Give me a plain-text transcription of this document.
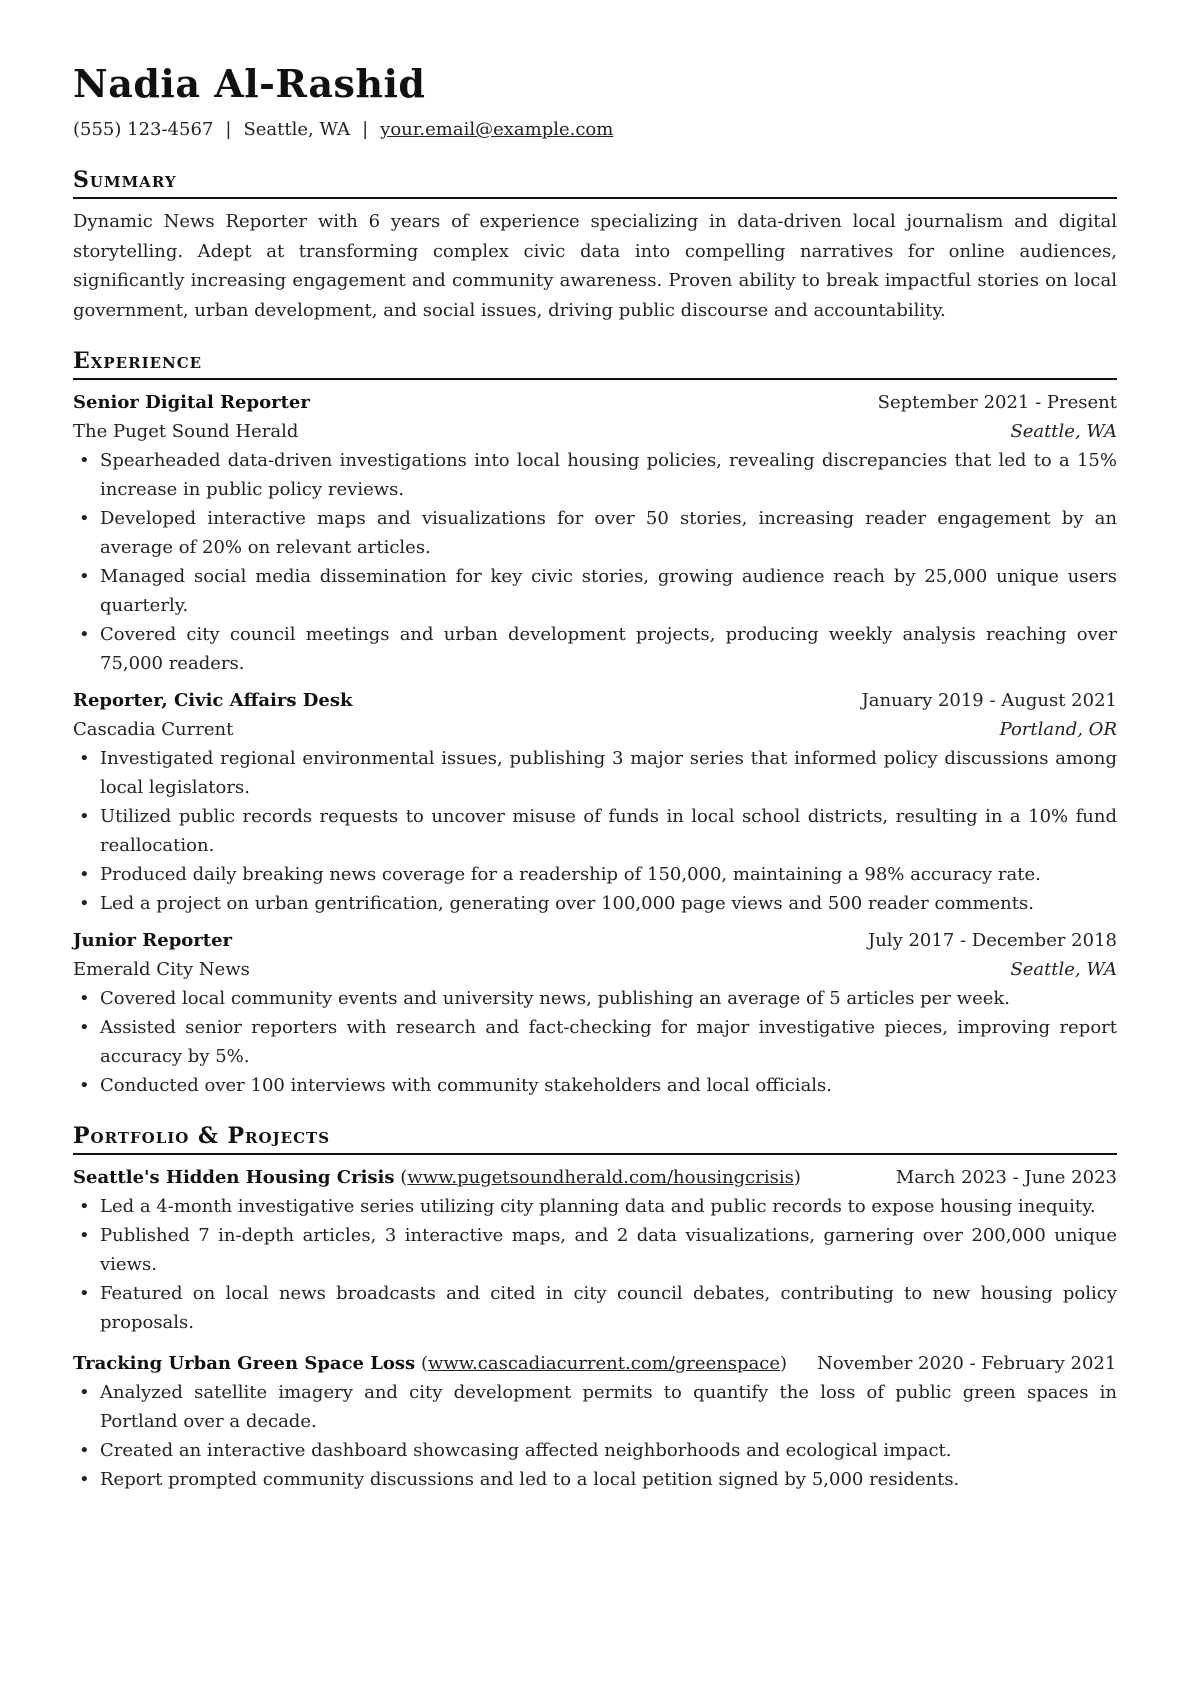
Nadia Al-Rashid
(555) 123-4567 | Seattle, WA | your.email@example.com
Summary

Dynamic News Reporter with 6 years of experience specializing in data-driven local journalism and digital storytelling. Adept at transforming complex civic data into compelling narratives for online audiences, significantly increasing engagement and community awareness. Proven ability to break impactful stories on local government, urban development, and social issues, driving public discourse and accountability.

Experience
Senior Digital Reporter	September 2021 - Present
The Puget Sound Herald	Seattle, WA
• Spearheaded data-driven investigations into local housing policies, revealing discrepancies that led to a 15% increase in public policy reviews.
• Developed interactive maps and visualizations for over 50 stories, increasing reader engagement by an average of 20% on relevant articles.
• Managed social media dissemination for key civic stories, growing audience reach by 25,000 unique users quarterly.
• Covered city council meetings and urban development projects, producing weekly analysis reaching over 75,000 readers.
Reporter, Civic Affairs Desk	January 2019 - August 2021
Cascadia Current	Portland, OR
• Investigated regional environmental issues, publishing 3 major series that informed policy discussions among local legislators.
• Utilized public records requests to uncover misuse of funds in local school districts, resulting in a 10% fund reallocation.
• Produced daily breaking news coverage for a readership of 150,000, maintaining a 98% accuracy rate.
• Led a project on urban gentrification, generating over 100,000 page views and 500 reader comments.
Junior Reporter	July 2017 - December 2018
Emerald City News	Seattle, WA
• Covered local community events and university news, publishing an average of 5 articles per week.
• Assisted senior reporters with research and fact-checking for major investigative pieces, improving report accuracy by 5%.
• Conducted over 100 interviews with community stakeholders and local officials.
Portfolio & Projects
Seattle's Hidden Housing Crisis (www.pugetsoundherald.com/housingcrisis)	March 2023 - June 2023
• Led a 4-month investigative series utilizing city planning data and public records to expose housing inequity.
• Published 7 in-depth articles, 3 interactive maps, and 2 data visualizations, garnering over 200,000 unique views.
• Featured on local news broadcasts and cited in city council debates, contributing to new housing policy proposals.
Tracking Urban Green Space Loss (www.cascadiacurrent.com/greenspace) November 2020 - February 2021
• Analyzed satellite imagery and city development permits to quantify the loss of public green spaces in Portland over a decade.
• Created an interactive dashboard showcasing affected neighborhoods and ecological impact.
• Report prompted community discussions and led to a local petition signed by 5,000 residents.
